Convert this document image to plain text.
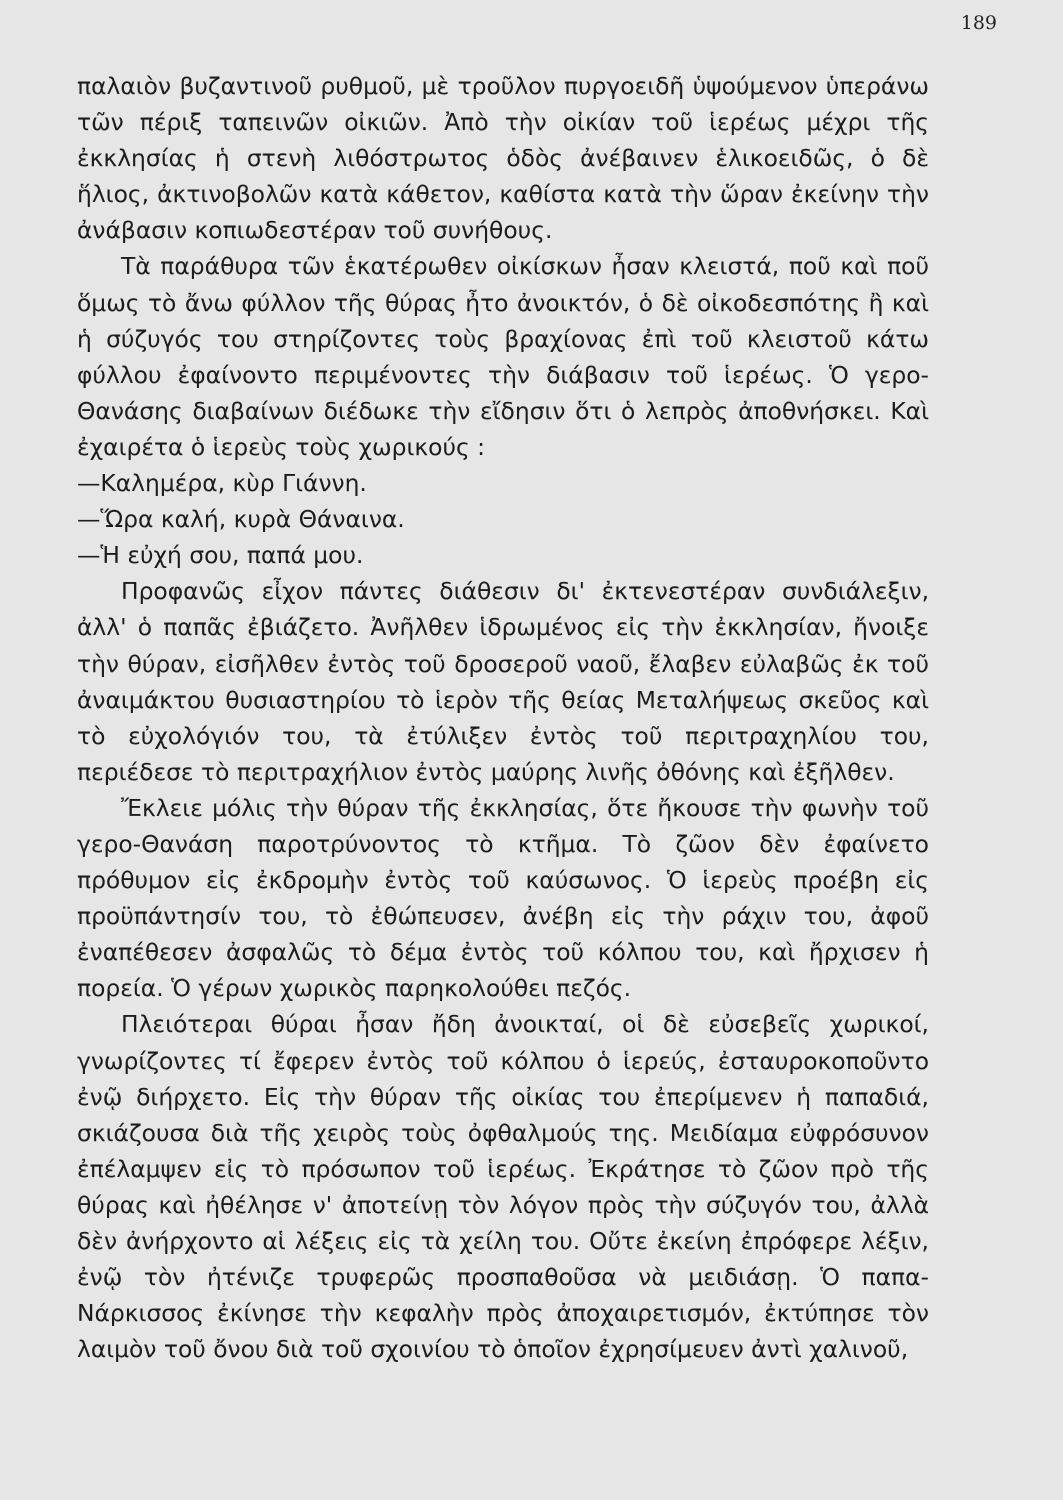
189

παλαιὸν βυζαντινοῦ ρυθμοῦ, μὲ τροῦλον πυργοειδῆ ὑψούμενον ὑπεράνω τῶν πέριξ ταπεινῶν οἰκιῶν. Ἀπὸ τὴν οἰκίαν τοῦ ἱερέως μέχρι τῆς ἐκκλησίας ἡ στενὴ λιθόστρωτος ὁδὸς ἀνέβαινεν ἑλικοειδῶς, ὁ δὲ ἥλιος, ἀκτινοβολῶν κατὰ κάθετον, καθίστα κατὰ τὴν ὥραν ἐκείνην τὴν ἀνάβασιν κοπιωδεστέραν τοῦ συνήθους.

Τὰ παράθυρα τῶν ἑκατέρωθεν οἰκίσκων ἦσαν κλειστά, ποῦ καὶ ποῦ ὅμως τὸ ἄνω φύλλον τῆς θύρας ἦτο ἀνοικτόν, ὁ δὲ οἰκοδεσπότης ἢ καὶ ἡ σύζυγός του στηρίζοντες τοὺς βραχίονας ἐπὶ τοῦ κλειστοῦ κάτω φύλλου ἐφαίνοντο περιμένοντες τὴν διάβασιν τοῦ ἱερέως. Ὁ γερο- Θανάσης διαβαίνων διέδωκε τὴν εἴδησιν ὅτι ὁ λεπρὸς ἀποθνήσκει. Καὶ ἐχαιρέτα ὁ ἱερεὺς τοὺς χωρικούς :

—Καλημέρα, κὺρ Γιάννη.

—Ὥρα καλή, κυρὰ Θάναινα.

—Ἡ εὐχή σου, παπά μου.

Προφανῶς εἶχον πάντες διάθεσιν δι' ἐκτενεστέραν συνδιάλεξιν, ἀλλ' ὁ παπᾶς ἐβιάζετο. Ἀνῆλθεν ἱδρωμένος εἰς τὴν ἐκκλησίαν, ἤνοιξε τὴν θύραν, εἰσῆλθεν ἐντὸς τοῦ δροσεροῦ ναοῦ, ἔλαβεν εὐλαβῶς ἐκ τοῦ ἀναιμάκτου θυσιαστηρίου τὸ ἱερὸν τῆς θείας Μεταλήψεως σκεῦος καὶ τὸ εὐχολόγιόν του, τὰ ἐτύλιξεν ἐντὸς τοῦ περιτραχηλίου του, περιέδεσε τὸ περιτραχήλιον ἐντὸς μαύρης λινῆς ὀθόνης καὶ ἐξῆλθεν.

Ἔκλειε μόλις τὴν θύραν τῆς ἐκκλησίας, ὅτε ἤκουσε τὴν φωνὴν τοῦ γερο-Θανάση παροτρύνοντος τὸ κτῆμα. Τὸ ζῶον δὲν ἐφαίνετο πρόθυμον εἰς ἐκδρομὴν ἐντὸς τοῦ καύσωνος. Ὁ ἱερεὺς προέβη εἰς προϋπάντησίν του, τὸ ἐθώπευσεν, ἀνέβη εἰς τὴν ράχιν του, ἀφοῦ ἐναπέθεσεν ἀσφαλῶς τὸ δέμα ἐντὸς τοῦ κόλπου του, καὶ ἤρχισεν ἡ πορεία. Ὁ γέρων χωρικὸς παρηκολούθει πεζός.

Πλειότεραι θύραι ἦσαν ἤδη ἀνοικταί, οἱ δὲ εὐσεβεῖς χωρικοί, γνωρίζοντες τί ἔφερεν ἐντὸς τοῦ κόλπου ὁ ἱερεύς, ἐσταυροκοποῦντο ἐνῷ διήρχετο. Εἰς τὴν θύραν τῆς οἰκίας του ἐπερίμενεν ἡ παπαδιά, σκιάζουσα διὰ τῆς χειρὸς τοὺς ὀφθαλμούς της. Μειδίαμα εὐφρόσυνον ἐπέλαμψεν εἰς τὸ πρόσωπον τοῦ ἱερέως. Ἐκράτησε τὸ ζῶον πρὸ τῆς θύρας καὶ ἠθέλησε ν' ἀποτείνῃ τὸν λόγον πρὸς τὴν σύζυγόν του, ἀλλὰ δὲν ἀνήρχοντο αἱ λέξεις εἰς τὰ χείλη του. Οὔτε ἐκείνη ἐπρόφερε λέξιν, ἐνῷ τὸν ἠτένιζε τρυφερῶς προσπαθοῦσα νὰ μειδιάσῃ. Ὁ παπα-Νάρκισσος ἐκίνησε τὴν κεφαλὴν πρὸς ἀποχαιρετισμόν, ἐκτύπησε τὸν λαιμὸν τοῦ ὄνου διὰ τοῦ σχοινίου τὸ ὁποῖον ἐχρησίμευεν ἀντὶ χαλινοῦ,
